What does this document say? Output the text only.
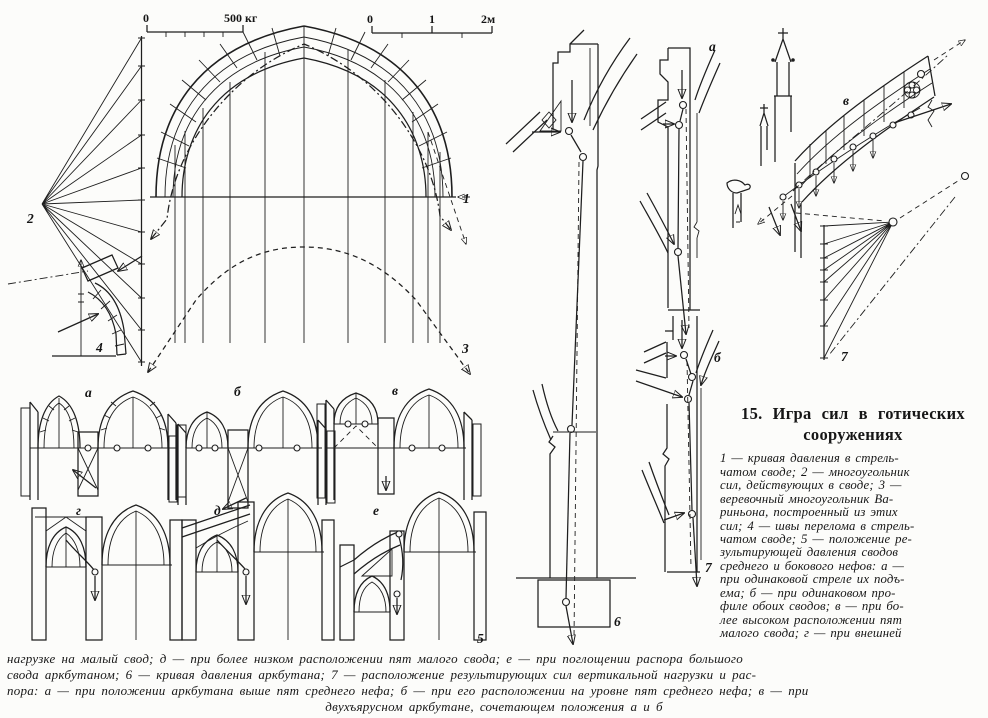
0	500 кг	0	1	2м
2
4
1
3
а	б	в
г	д	е
5
6
а
б
7
в
7
15. Игра сил в готических
сооружениях
1 — кривая давления в стрель-
чатом своде; 2 — многоугольник
сил, действующих в своде; 3 —
веревочный многоугольник Ва-
риньона, построенный из этих
сил; 4 — швы перелома в стрель-
чатом своде; 5 — положение ре-
зультирующей давления сводов
среднего и бокового нефов: а —
при одинаковой стреле их подъ-
ема; б — при одинаковом про-
филе обоих сводов; в — при бо-
лее высоком расположении пят
малого свода; г — при внешней
нагрузке на малый свод; д — при более низком расположении пят малого свода; е — при поглощении распора большого
свода аркбутаном; 6 — кривая давления аркбутана; 7 — расположение результирующих сил вертикальной нагрузки и рас-
пора: а — при положении аркбутана выше пят среднего нефа; б — при его расположении на уровне пят среднего нефа; в — при
двухъярусном аркбутане, сочетающем положения а и б
